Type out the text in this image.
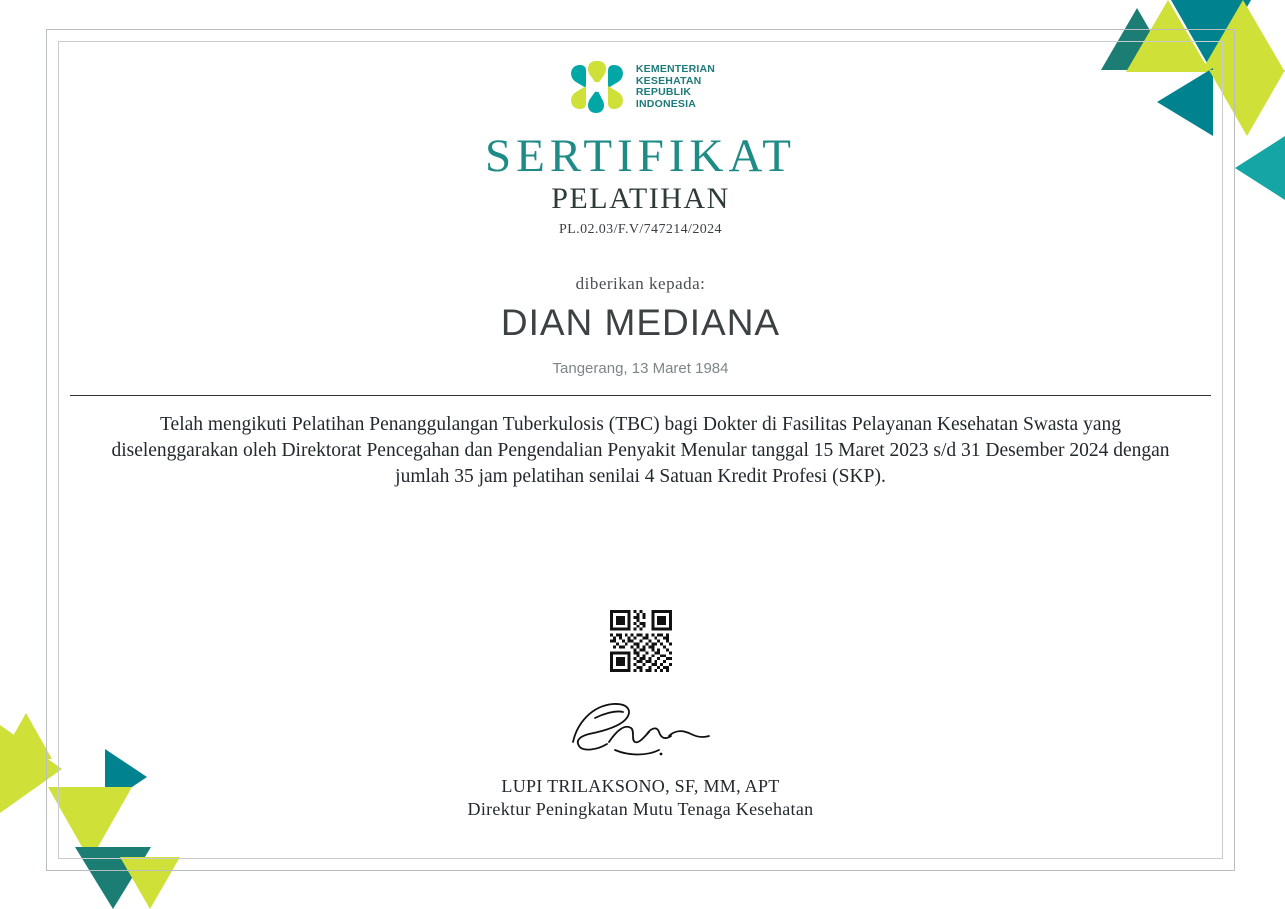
KEMENTERIAN
KESEHATAN
REPUBLIK
INDONESIA
SERTIFIKAT
PELATIHAN
PL.02.03/F.V/747214/2024
diberikan kepada:
DIAN MEDIANA
Tangerang, 13 Maret 1984
Telah mengikuti Pelatihan Penanggulangan Tuberkulosis (TBC) bagi Dokter di Fasilitas Pelayanan Kesehatan Swasta yang diselenggarakan oleh Direktorat Pencegahan dan Pengendalian Penyakit Menular tanggal 15 Maret 2023 s/d 31 Desember 2024 dengan jumlah 35 jam pelatihan senilai 4 Satuan Kredit Profesi (SKP).
LUPI TRILAKSONO, SF, MM, APT
Direktur Peningkatan Mutu Tenaga Kesehatan
